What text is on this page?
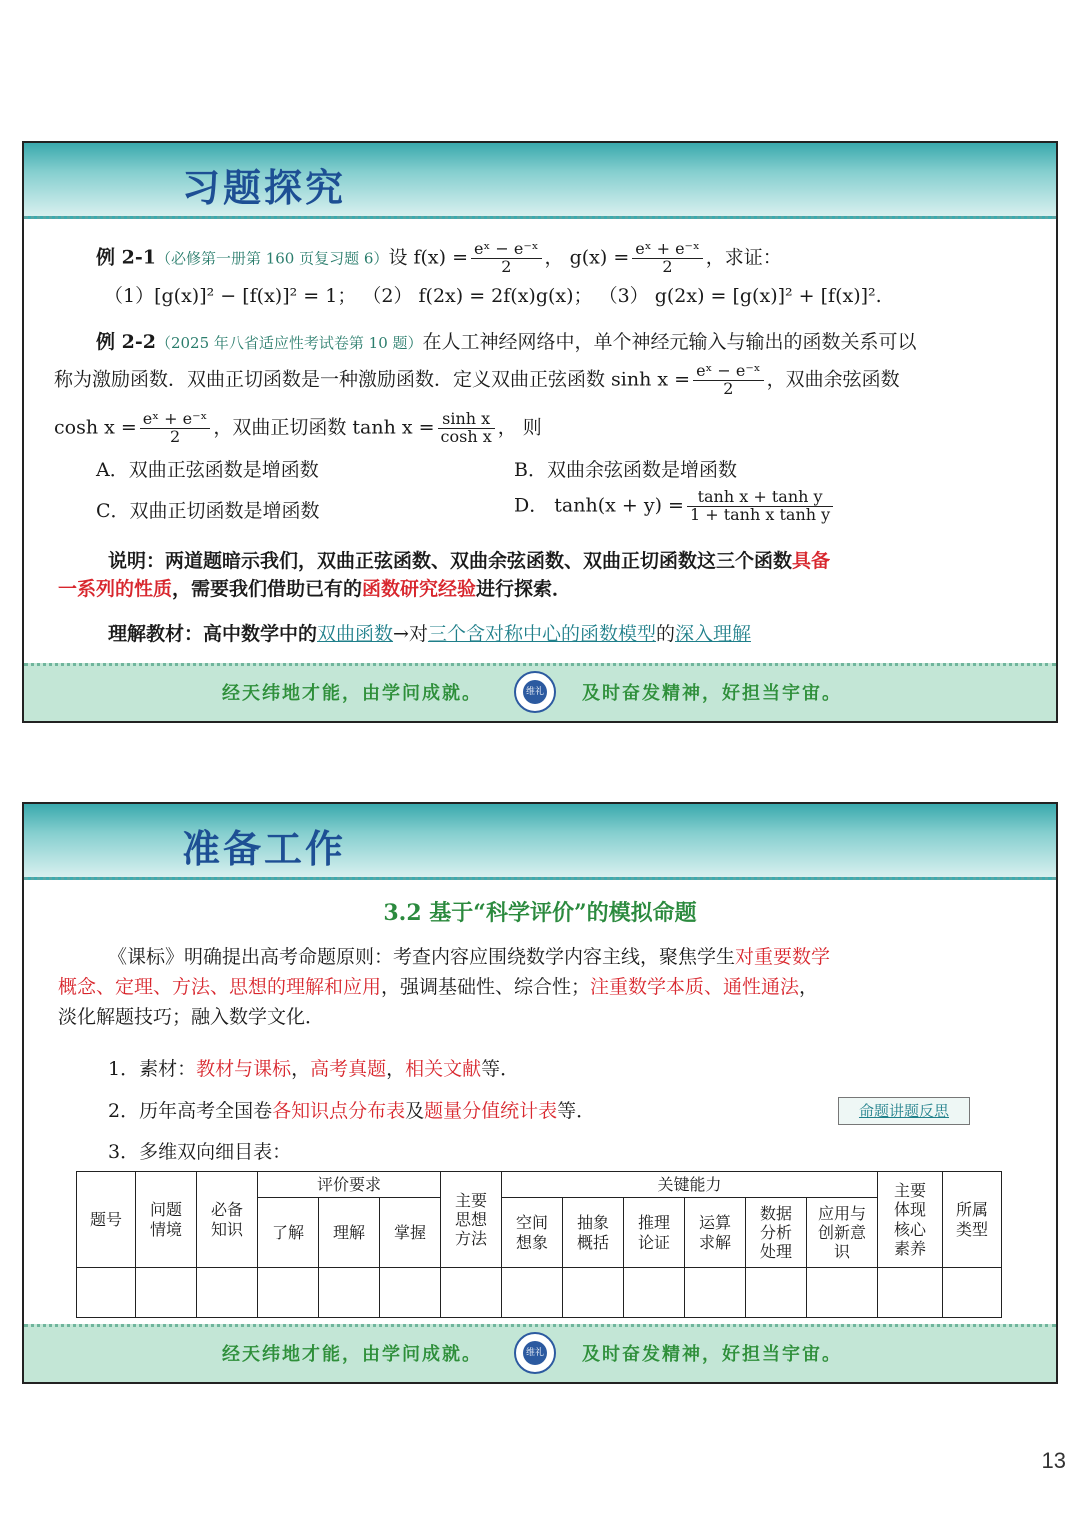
习题探究
例 2-1（必修第一册第 160 页复习题 6）设 $f(x) = \frac{\text{eˣ − e⁻ˣ}}{2}$ ， $g(x) = \frac{\text{eˣ + e⁻ˣ}}{2}$ ，求证：
（1）[g(x)]² − [f(x)]² = 1； （2） f(2x) = 2f(x)g(x)； （3） g(2x) = [g(x)]² + [f(x)]².
例 2-2（2025 年八省适应性考试卷第 10 题）在人工神经网络中，单个神经元输入与输出的函数关系可以
称为激励函数．双曲正切函数是一种激励函数．定义双曲正弦函数 $\sinh x = \frac{\text{eˣ − e⁻ˣ}}{2}$ ，双曲余弦函数
$\cosh x = \frac{\text{eˣ + e⁻ˣ}}{2}$ ，双曲正切函数 $\tanh x = \frac{\text{sinh x}}{\text{cosh x}}$ ， 则
A．双曲正弦函数是增函数	B．双曲余弦函数是增函数
C．双曲正切函数是增函数	D． $\tanh(x + y) = \frac{\text{tanh x + tanh y}}{\text{1 + tanh x tanh y}}$
说明：两道题暗示我们，双曲正弦函数、双曲余弦函数、双曲正切函数这三个函数具备
一系列的性质，需要我们借助已有的函数研究经验进行探索．
理解教材：高中数学中的双曲函数→对三个含对称中心的函数模型的深入理解
经天纬地才能，由学问成就。	维礼 及时奋发精神，好担当宇宙。
准备工作
3.2 基于“科学评价”的模拟命题
《课标》明确提出高考命题原则：考查内容应围绕数学内容主线，聚焦学生对重要数学
概念、定理、方法、思想的理解和应用，强调基础性、综合性；注重数学本质、通性通法，
淡化解题技巧；融入数学文化．
1．素材：教材与课标，高考真题，相关文献等．
2．历年高考全国卷各知识点分布表及题量分值统计表等．	命题讲题反思
3．多维双向细目表：
题号	问题情境	必备知识	评价要求			主要思想方法	关键能力						主要体现核心素养	所属类型

			了解	理解	掌握		空间想象	抽象概括	推理论证	运算求解	数据分析处理	应用与创新意识		

经天纬地才能，由学问成就。	维礼 及时奋发精神，好担当宇宙。
13
